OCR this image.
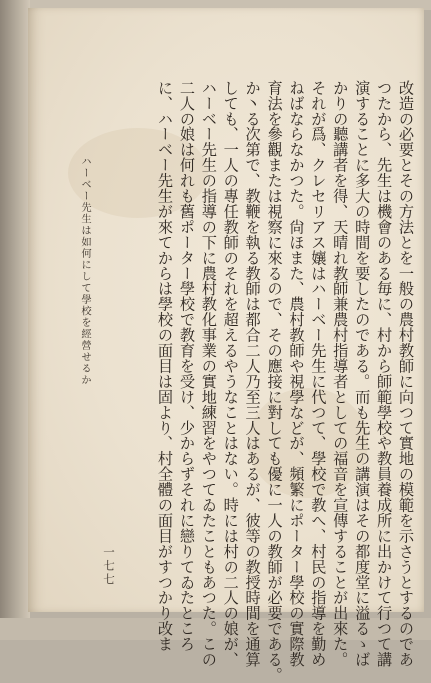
改造の必要とその方法とを一般の農村教師に向つて實地の模範を示さうとするのであ
つたから、先生は機會のある毎に、村から師範學校や教員養成所に出かけて行つて講
演することに多大の時間を要したのである。而も先生の講演はその都度堂に溢るゝば
かりの聽講者を得、天晴れ教師兼農村指導者としての福音を宣傳することが出來た。
それが爲、クレセリアス孃はハーベー先生に代つて、學校で教へ、村民の指導を勤め
ねばならなかつた。尙ほまた、農村教師や視學などが、頻繁にポーター學校の實際教
育法を參觀または視察に來るので、その應接に對しても優に一人の教師が必要である。
か丶る次第で、教鞭を執る教師は都合二人乃至三人はあるが、彼等の教授時間を通算
しても、一人の專任教師のそれを超えるやうなことはない。時には村の二人の娘が、
ハーベー先生の指導の下に農村教化事業の實地練習をやつてゐたこともあつた。この
二人の娘は何れも舊ポーター學校で教育を受け、少からずそれに戀りてゐたところ
に、ハーベー先生が來てからは學校の面目は固より、村全體の面目がすつかり改ま
ハーベー先生は如何にして學校を經營せるか
一七七
